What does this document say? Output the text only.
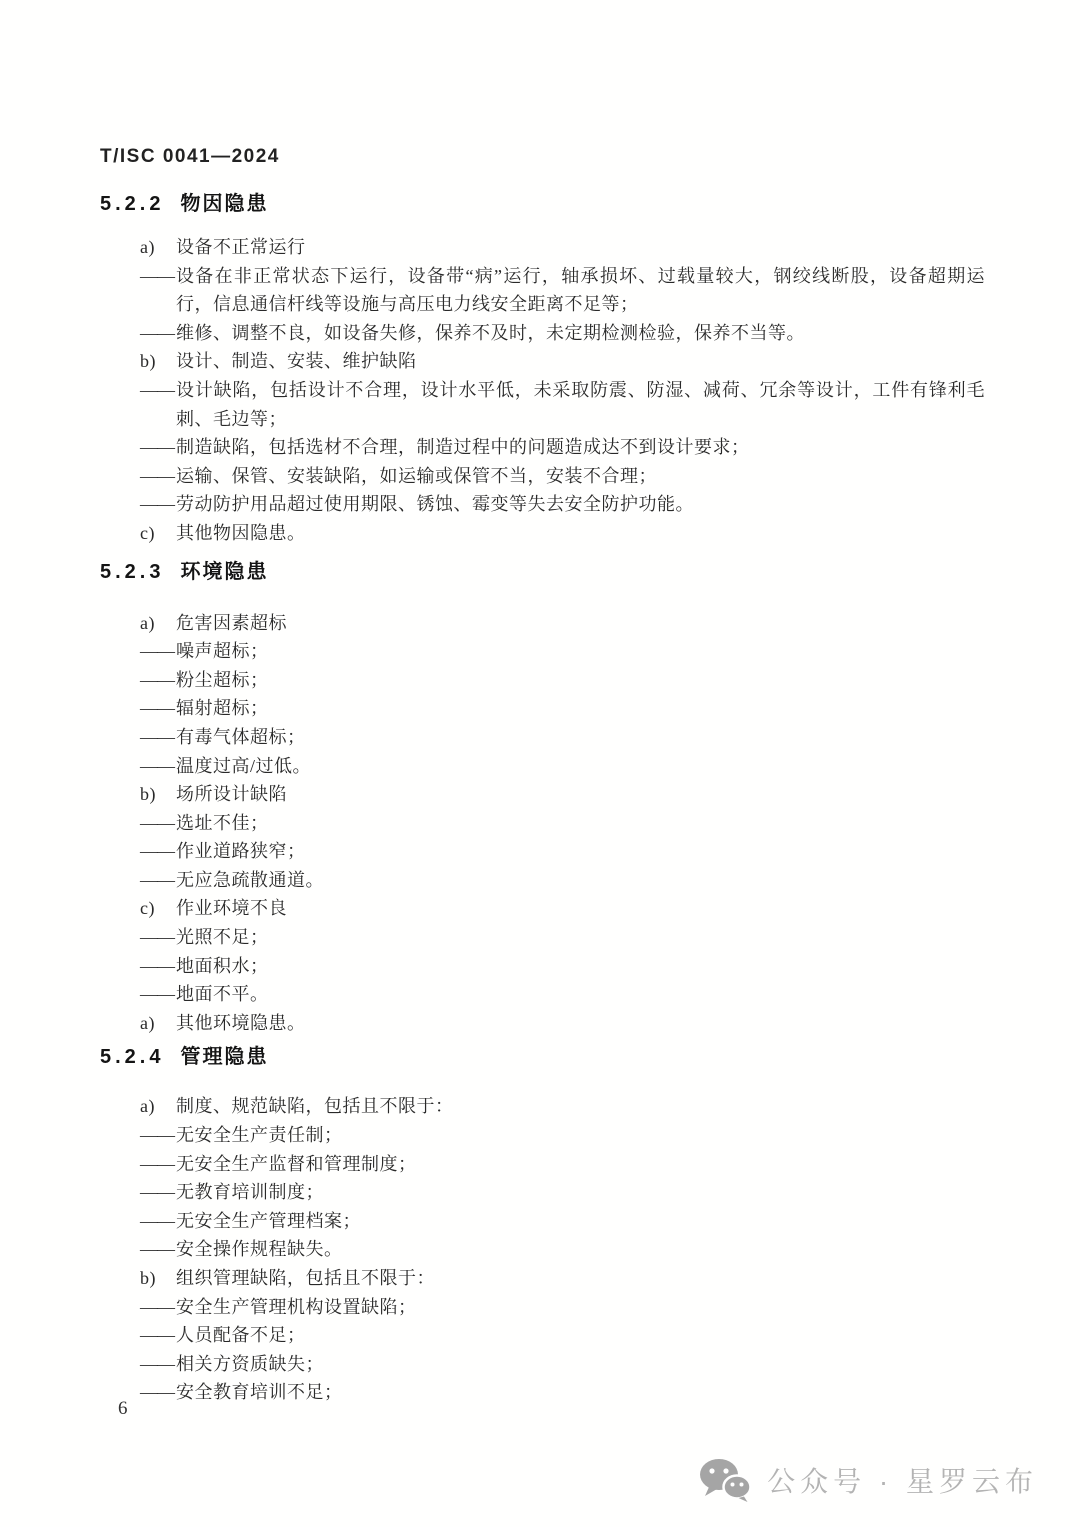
T/ISC 0041—2024
5.2.2 物因隐患
a) 设备不正常运行
—— 设备在非正常状态下运行，设备带“病”运行，轴承损坏、过载量较大，钢绞线断股，设备超期运行，信息通信杆线等设施与高压电力线安全距离不足等；
—— 维修、调整不良，如设备失修，保养不及时，未定期检测检验，保养不当等。
b) 设计、制造、安装、维护缺陷
—— 设计缺陷，包括设计不合理，设计水平低，未采取防震、防湿、减荷、冗余等设计，工件有锋利毛刺、毛边等；
—— 制造缺陷，包括选材不合理，制造过程中的问题造成达不到设计要求；
—— 运输、保管、安装缺陷，如运输或保管不当，安装不合理；
—— 劳动防护用品超过使用期限、锈蚀、霉变等失去安全防护功能。
c) 其他物因隐患。
5.2.3 环境隐患
a) 危害因素超标
—— 噪声超标；
—— 粉尘超标；
—— 辐射超标；
—— 有毒气体超标；
—— 温度过高/过低。
b) 场所设计缺陷
—— 选址不佳；
—— 作业道路狭窄；
—— 无应急疏散通道。
c) 作业环境不良
—— 光照不足；
—— 地面积水；
—— 地面不平。
a) 其他环境隐患。
5.2.4 管理隐患
a) 制度、规范缺陷，包括且不限于：
—— 无安全生产责任制；
—— 无安全生产监督和管理制度；
—— 无教育培训制度；
—— 无安全生产管理档案；
—— 安全操作规程缺失。
b) 组织管理缺陷，包括且不限于：
—— 安全生产管理机构设置缺陷；
—— 人员配备不足；
—— 相关方资质缺失；
—— 安全教育培训不足；
6
公众号 · 星罗云布
